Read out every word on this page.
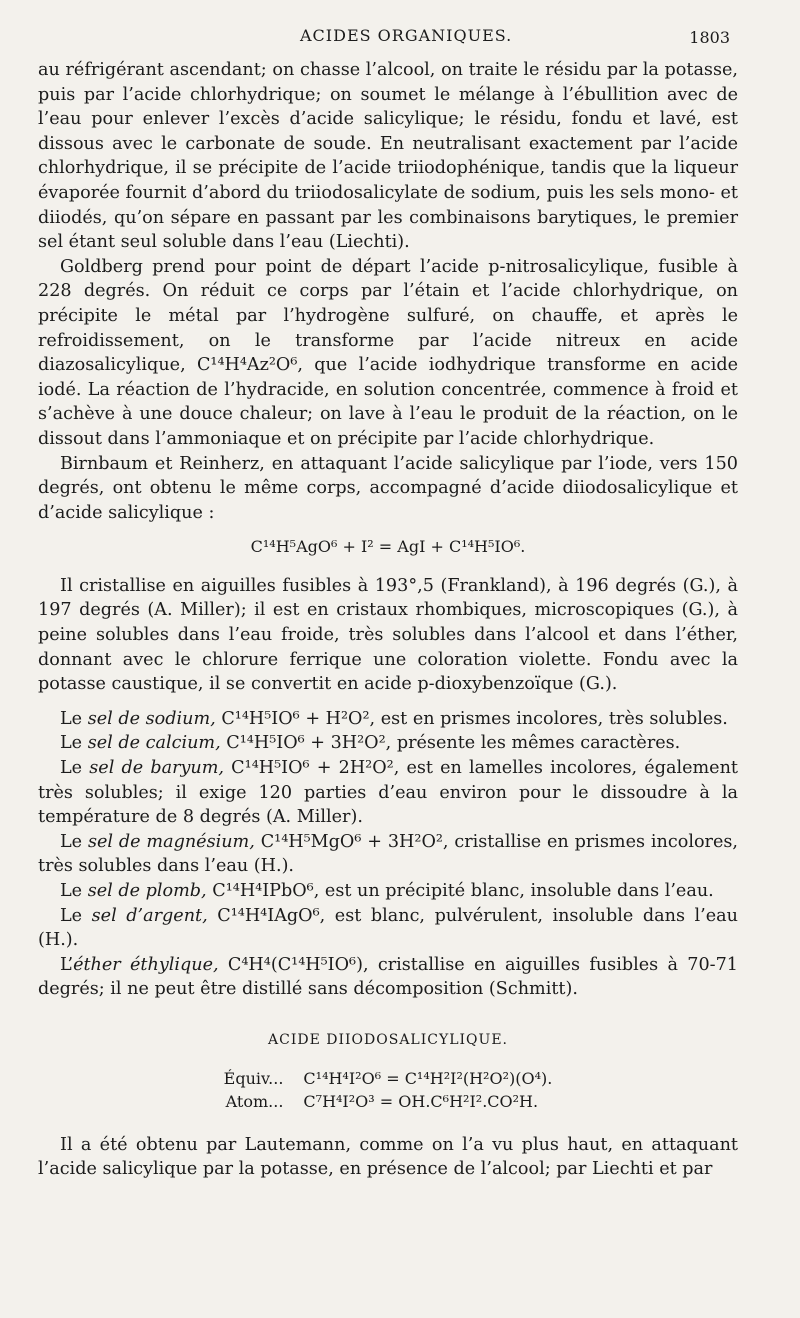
ACIDES ORGANIQUES.	1803

au réfrigérant ascendant; on chasse l’alcool, on traite le résidu par la potasse, puis par l’acide chlorhydrique; on soumet le mélange à l’ébullition avec de l’eau pour enlever l’excès d’acide salicylique; le résidu, fondu et lavé, est dissous avec le carbonate de soude. En neutralisant exactement par l’acide chlorhydrique, il se précipite de l’acide triiodophénique, tandis que la liqueur évaporée fournit d’abord du triiodosalicylate de sodium, puis les sels mono- et diiodés, qu’on sépare en passant par les combinaisons barytiques, le premier sel étant seul soluble dans l’eau (Liechti).

Goldberg prend pour point de départ l’acide p-nitrosalicylique, fusible à 228 degrés. On réduit ce corps par l’étain et l’acide chlorhydrique, on précipite le métal par l’hydrogène sulfuré, on chauffe, et après le refroidissement, on le transforme par l’acide nitreux en acide diazosalicylique, C¹⁴H⁴Az²O⁶, que l’acide iodhydrique transforme en acide iodé. La réaction de l’hydracide, en solution concentrée, commence à froid et s’achève à une douce chaleur; on lave à l’eau le produit de la réaction, on le dissout dans l’ammoniaque et on précipite par l’acide chlorhydrique.

Birnbaum et Reinherz, en attaquant l’acide salicylique par l’iode, vers 150 degrés, ont obtenu le même corps, accompagné d’acide diiodosalicylique et d’acide salicylique :

C¹⁴H⁵AgO⁶ + I² = AgI + C¹⁴H⁵IO⁶.

Il cristallise en aiguilles fusibles à 193°,5 (Frankland), à 196 degrés (G.), à 197 degrés (A. Miller); il est en cristaux rhombiques, microscopiques (G.), à peine solubles dans l’eau froide, très solubles dans l’alcool et dans l’éther, donnant avec le chlorure ferrique une coloration violette. Fondu avec la potasse caustique, il se convertit en acide p-dioxybenzoïque (G.).

Le sel de sodium, C¹⁴H⁵IO⁶ + H²O², est en prismes incolores, très solubles.

Le sel de calcium, C¹⁴H⁵IO⁶ + 3H²O², présente les mêmes caractères.

Le sel de baryum, C¹⁴H⁵IO⁶ + 2H²O², est en lamelles incolores, également très solubles; il exige 120 parties d’eau environ pour le dissoudre à la température de 8 degrés (A. Miller).

Le sel de magnésium, C¹⁴H⁵MgO⁶ + 3H²O², cristallise en prismes incolores, très solubles dans l’eau (H.).

Le sel de plomb, C¹⁴H⁴IPbO⁶, est un précipité blanc, insoluble dans l’eau.

Le sel d’argent, C¹⁴H⁴IAgO⁶, est blanc, pulvérulent, insoluble dans l’eau (H.).

L’éther éthylique, C⁴H⁴(C¹⁴H⁵IO⁶), cristallise en aiguilles fusibles à 70-71 degrés; il ne peut être distillé sans décomposition (Schmitt).

ACIDE DIIODOSALICYLIQUE.

Équiv...	C¹⁴H⁴I²O⁶ = C¹⁴H²I²(H²O²)(O⁴).
Atom...	C⁷H⁴I²O³ = OH.C⁶H²I².CO²H.

Il a été obtenu par Lautemann, comme on l’a vu plus haut, en attaquant l’acide salicylique par la potasse, en présence de l’alcool; par Liechti et par
